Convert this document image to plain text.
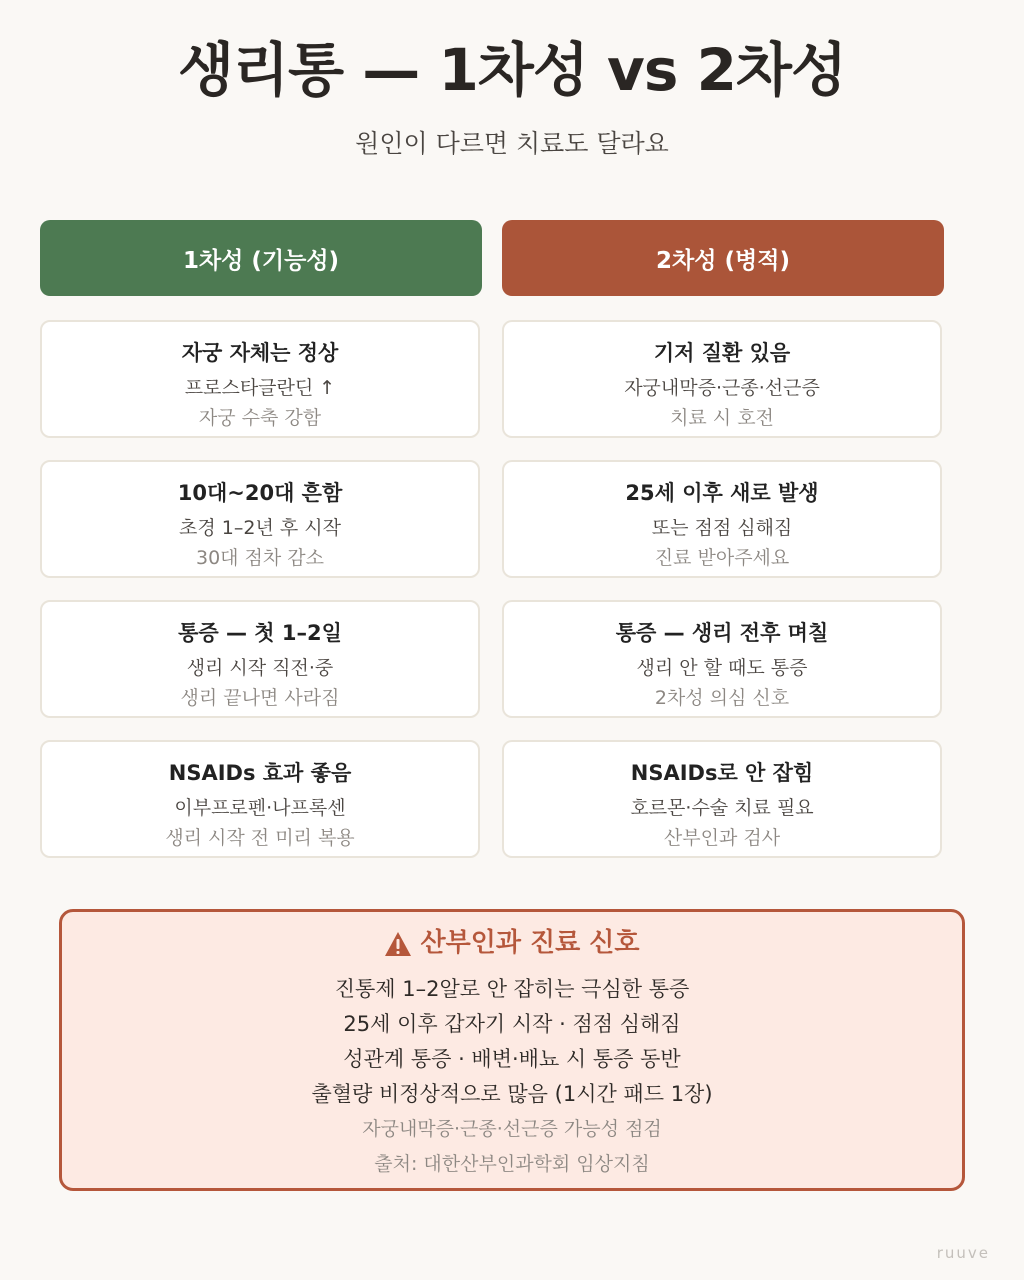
생리통 — 1차성 vs 2차성
원인이 다르면 치료도 달라요
1차성 (기능성)	2차성 (병적)
자궁 자체는 정상
프로스타글란딘 ↑
자궁 수축 강함
10대~20대 흔함
초경 1–2년 후 시작
30대 점차 감소
통증 — 첫 1–2일
생리 시작 직전·중
생리 끝나면 사라짐
NSAIDs 효과 좋음
이부프로펜·나프록센
생리 시작 전 미리 복용
기저 질환 있음
자궁내막증·근종·선근증
치료 시 호전
25세 이후 새로 발생
또는 점점 심해짐
진료 받아주세요
통증 — 생리 전후 며칠
생리 안 할 때도 통증
2차성 의심 신호
NSAIDs로 안 잡힘
호르몬·수술 치료 필요
산부인과 검사
산부인과 진료 신호
진통제 1–2알로 안 잡히는 극심한 통증
25세 이후 갑자기 시작 · 점점 심해짐
성관계 통증 · 배변·배뇨 시 통증 동반
출혈량 비정상적으로 많음 (1시간 패드 1장)
자궁내막증·근종·선근증 가능성 점검
출처: 대한산부인과학회 임상지침
ruuve
